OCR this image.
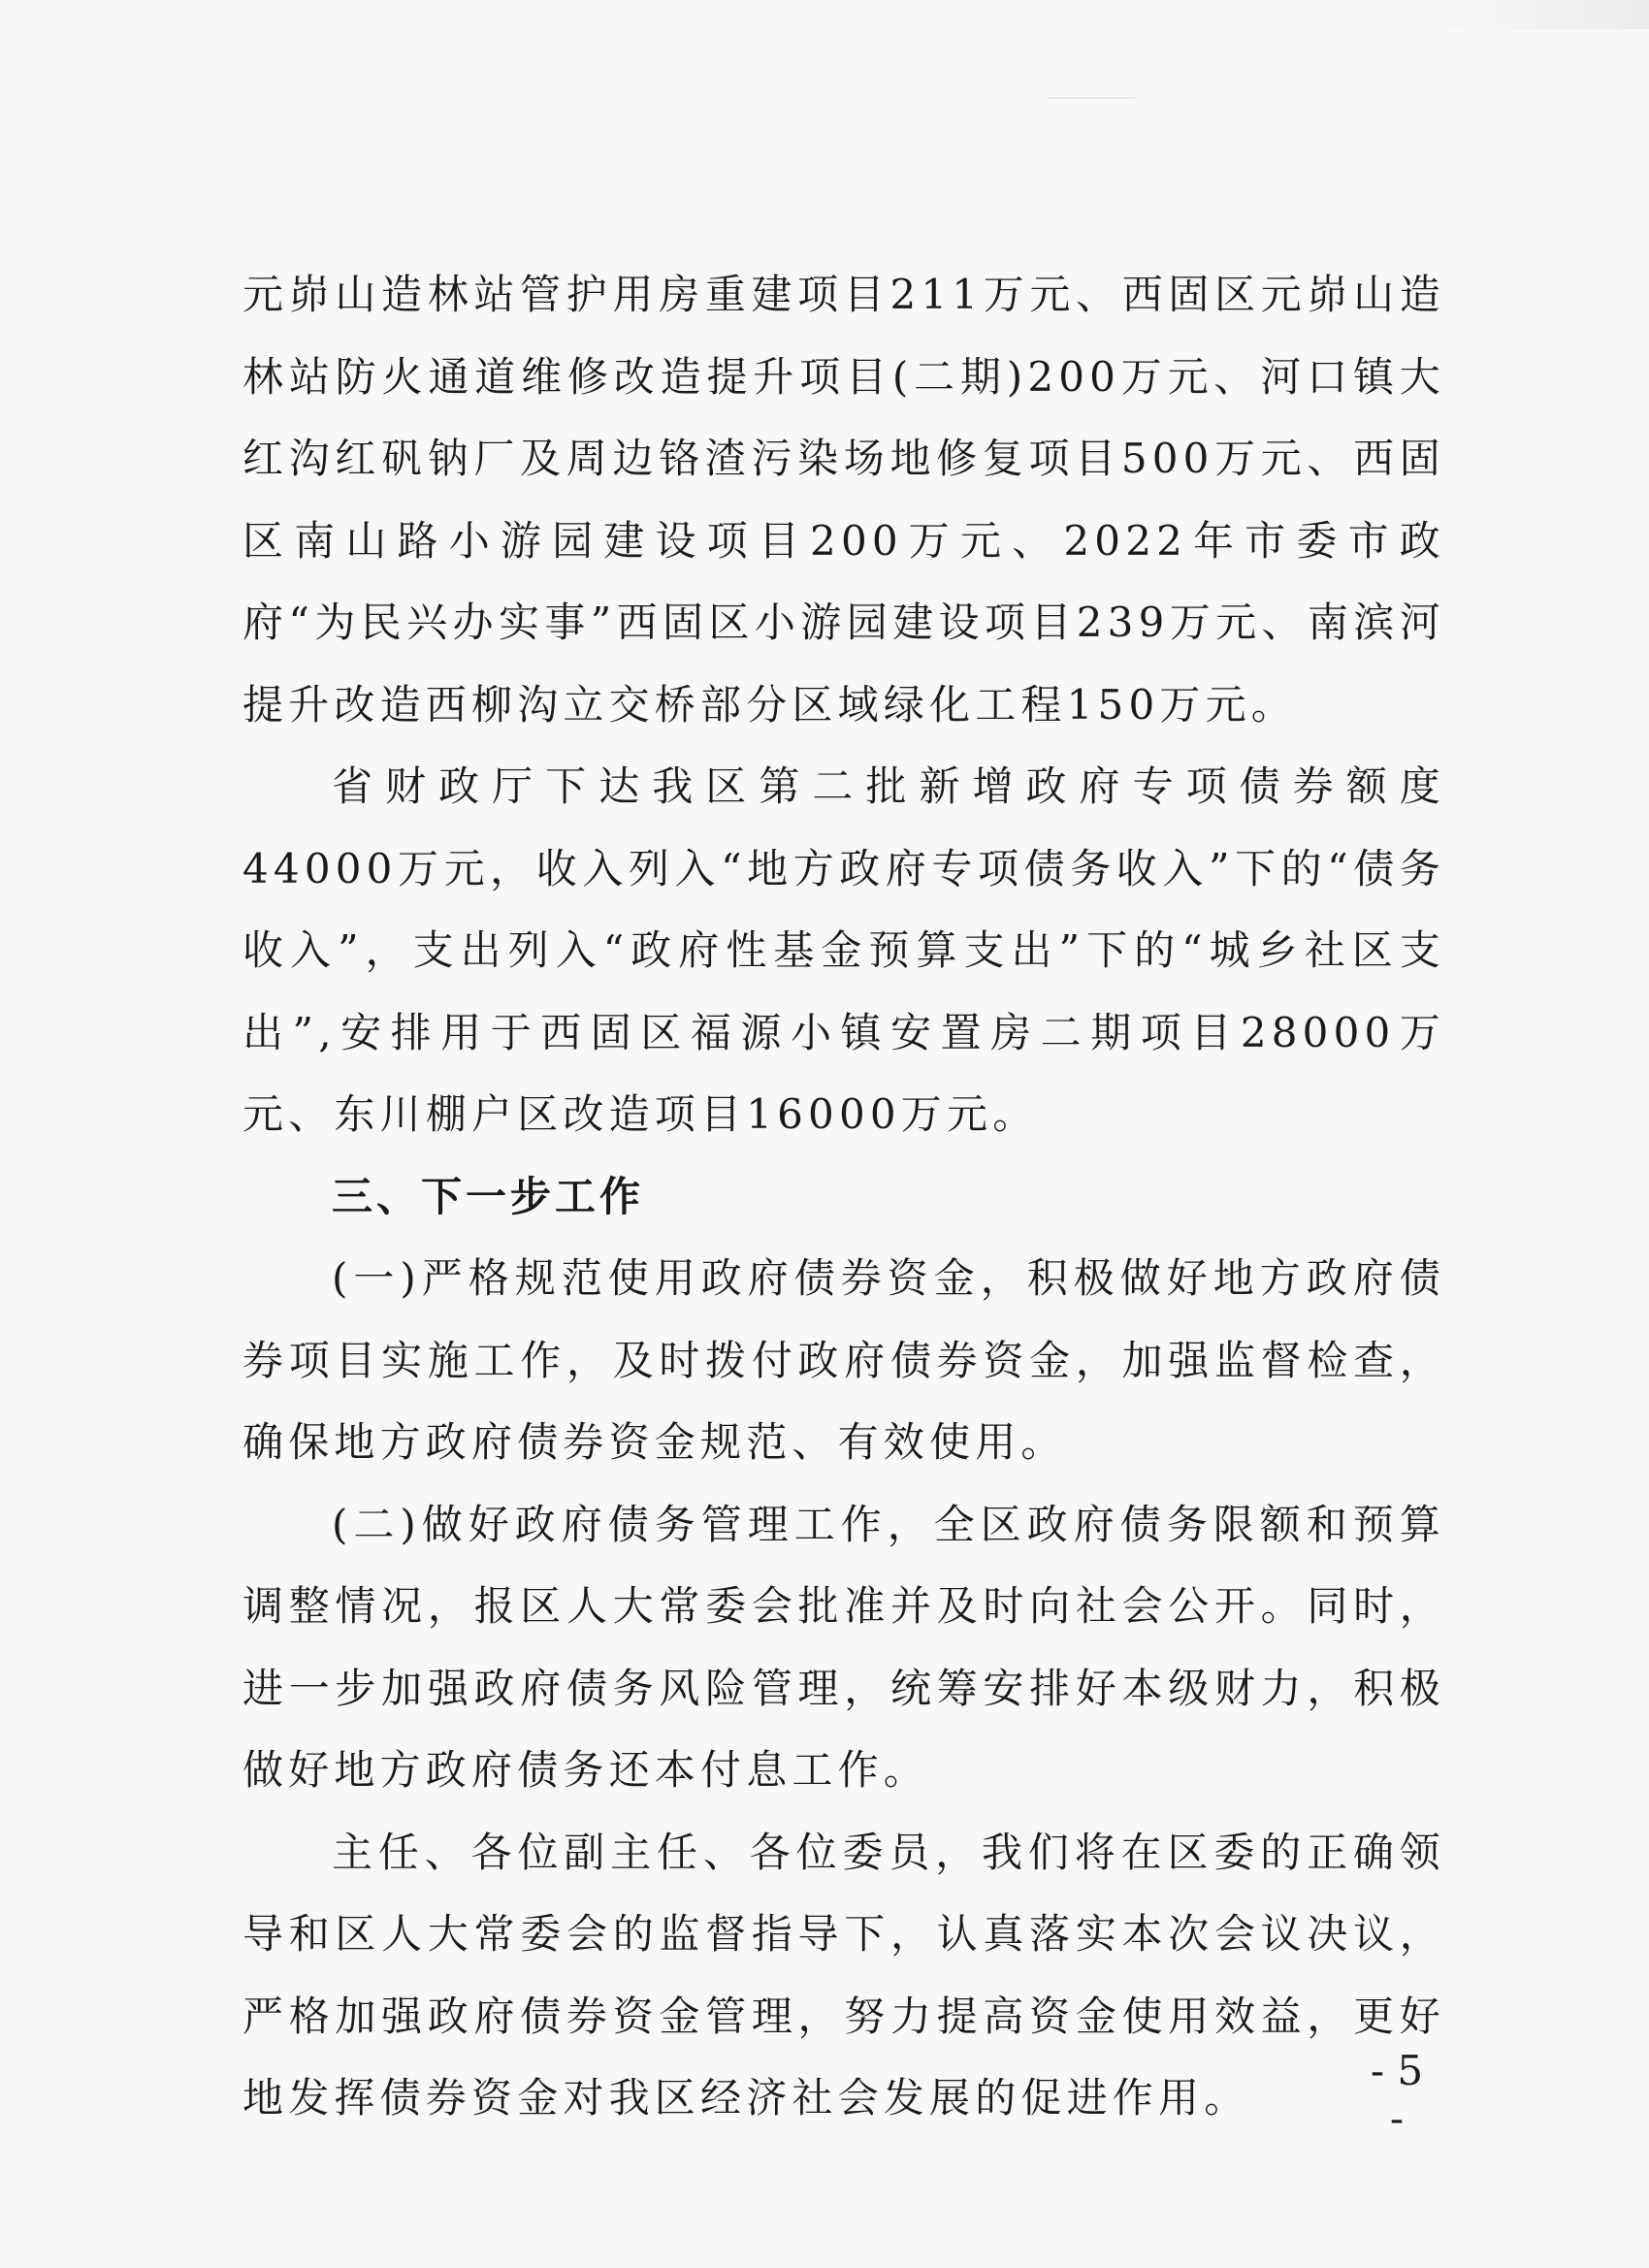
元峁山造林站管护用房重建项目211万元、西固区元峁山造林站防火通道维修改造提升项目(二期)200万元、河口镇大红沟红矾钠厂及周边铬渣污染场地修复项目500万元、西固区南山路小游园建设项目200万元、2022年市委市政府“为民兴办实事”西固区小游园建设项目239万元、南滨河提升改造西柳沟立交桥部分区域绿化工程150万元。

省财政厅下达我区第二批新增政府专项债券额度44000万元，收入列入“地方政府专项债务收入”下的“债务收入”，支出列入“政府性基金预算支出”下的“城乡社区支出”,安排用于西固区福源小镇安置房二期项目28000万元、东川棚户区改造项目16000万元。

三、下一步工作

(一)严格规范使用政府债券资金，积极做好地方政府债券项目实施工作，及时拨付政府债券资金，加强监督检查，确保地方政府债券资金规范、有效使用。

(二)做好政府债务管理工作，全区政府债务限额和预算调整情况，报区人大常委会批准并及时向社会公开。同时，进一步加强政府债务风险管理，统筹安排好本级财力，积极做好地方政府债务还本付息工作。

主任、各位副主任、各位委员，我们将在区委的正确领导和区人大常委会的监督指导下，认真落实本次会议决议，严格加强政府债券资金管理，努力提高资金使用效益，更好地发挥债券资金对我区经济社会发展的促进作用。

- 5 -
